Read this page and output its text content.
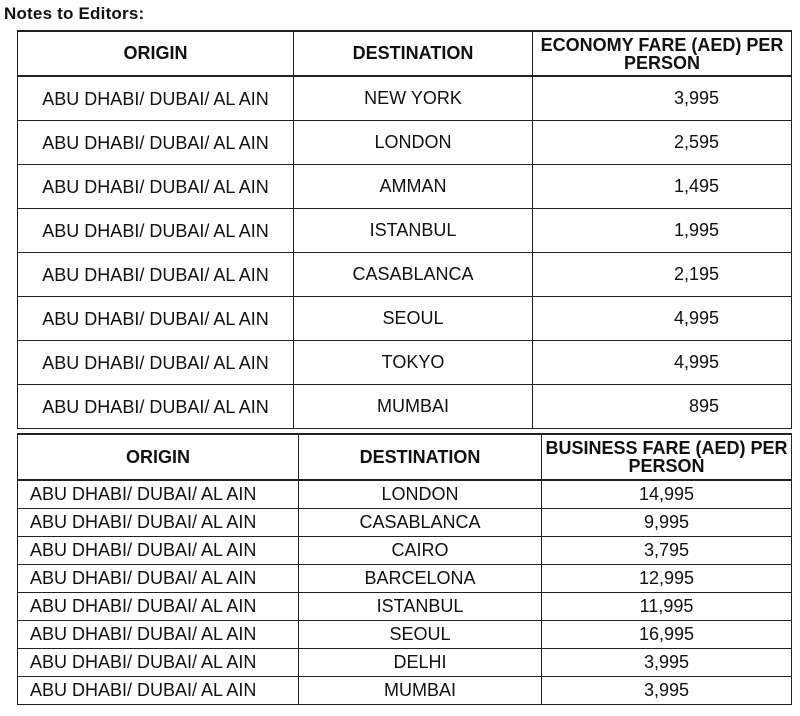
Notes to Editors:
ORIGIN	DESTINATION	ECONOMY FARE (AED) PER PERSON
ABU DHABI/ DUBAI/ AL AIN	NEW YORK	3,995
ABU DHABI/ DUBAI/ AL AIN	LONDON	2,595
ABU DHABI/ DUBAI/ AL AIN	AMMAN	1,495
ABU DHABI/ DUBAI/ AL AIN	ISTANBUL	1,995
ABU DHABI/ DUBAI/ AL AIN	CASABLANCA	2,195
ABU DHABI/ DUBAI/ AL AIN	SEOUL	4,995
ABU DHABI/ DUBAI/ AL AIN	TOKYO	4,995
ABU DHABI/ DUBAI/ AL AIN	MUMBAI	895
ORIGIN	DESTINATION	BUSINESS FARE (AED) PER PERSON
ABU DHABI/ DUBAI/ AL AIN	LONDON	14,995
ABU DHABI/ DUBAI/ AL AIN	CASABLANCA	9,995
ABU DHABI/ DUBAI/ AL AIN	CAIRO	3,795
ABU DHABI/ DUBAI/ AL AIN	BARCELONA	12,995
ABU DHABI/ DUBAI/ AL AIN	ISTANBUL	11,995
ABU DHABI/ DUBAI/ AL AIN	SEOUL	16,995
ABU DHABI/ DUBAI/ AL AIN	DELHI	3,995
ABU DHABI/ DUBAI/ AL AIN	MUMBAI	3,995
